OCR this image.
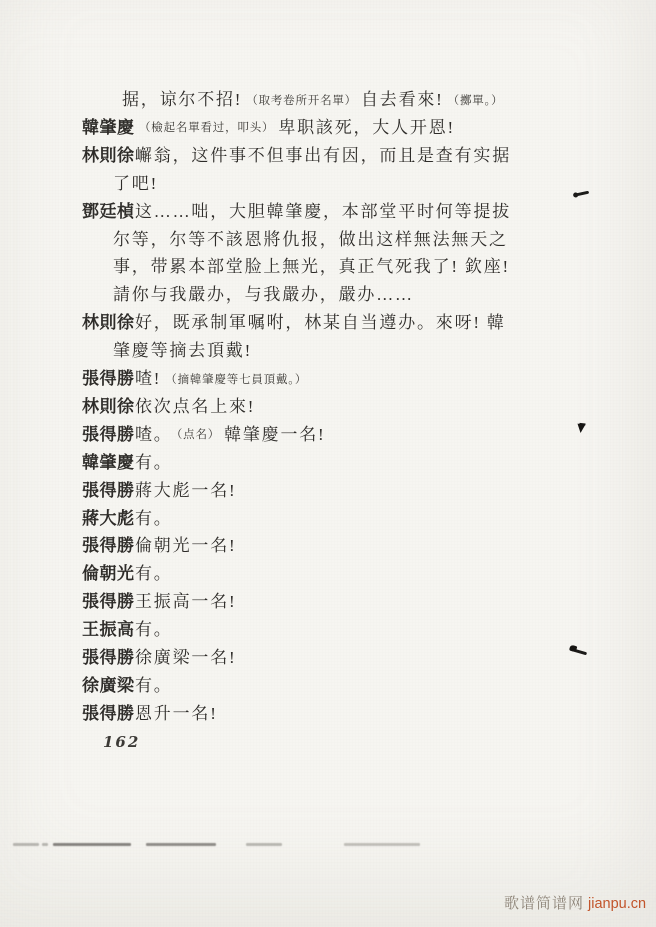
据，谅尔不招! （取考卷所开名單） 自去看來! （擲單。）
韓肇慶 （檢起名單看过，叩头） 卑职該死，大人开恩!
林則徐 嶰翁，这件事不但事出有因，而且是查有实据
了吧!
鄧廷楨 这……咄，大胆韓肇慶，本部堂平时何等提拔
尔等，尔等不該恩將仇报，做出这样無法無天之
事，带累本部堂脸上無光，真正气死我了! 欽座!
請你与我嚴办，与我嚴办，嚴办……
林則徐 好，既承制軍嘱咐，林某自当遵办。來呀! 韓
肇慶等摘去頂戴!
張得勝 喳! （摘韓肇慶等七員頂戴。）
林則徐 依次点名上來!
張得勝 喳。 （点名） 韓肇慶一名!
韓肇慶 有。
張得勝 蔣大彪一名!
蔣大彪 有。
張得勝 倫朝光一名!
倫朝光 有。
張得勝 王振高一名!
王振高 有。
張得勝 徐廣梁一名!
徐廣梁 有。
張得勝 恩升一名!
162
歌谱简谱网 jianpu.cn
